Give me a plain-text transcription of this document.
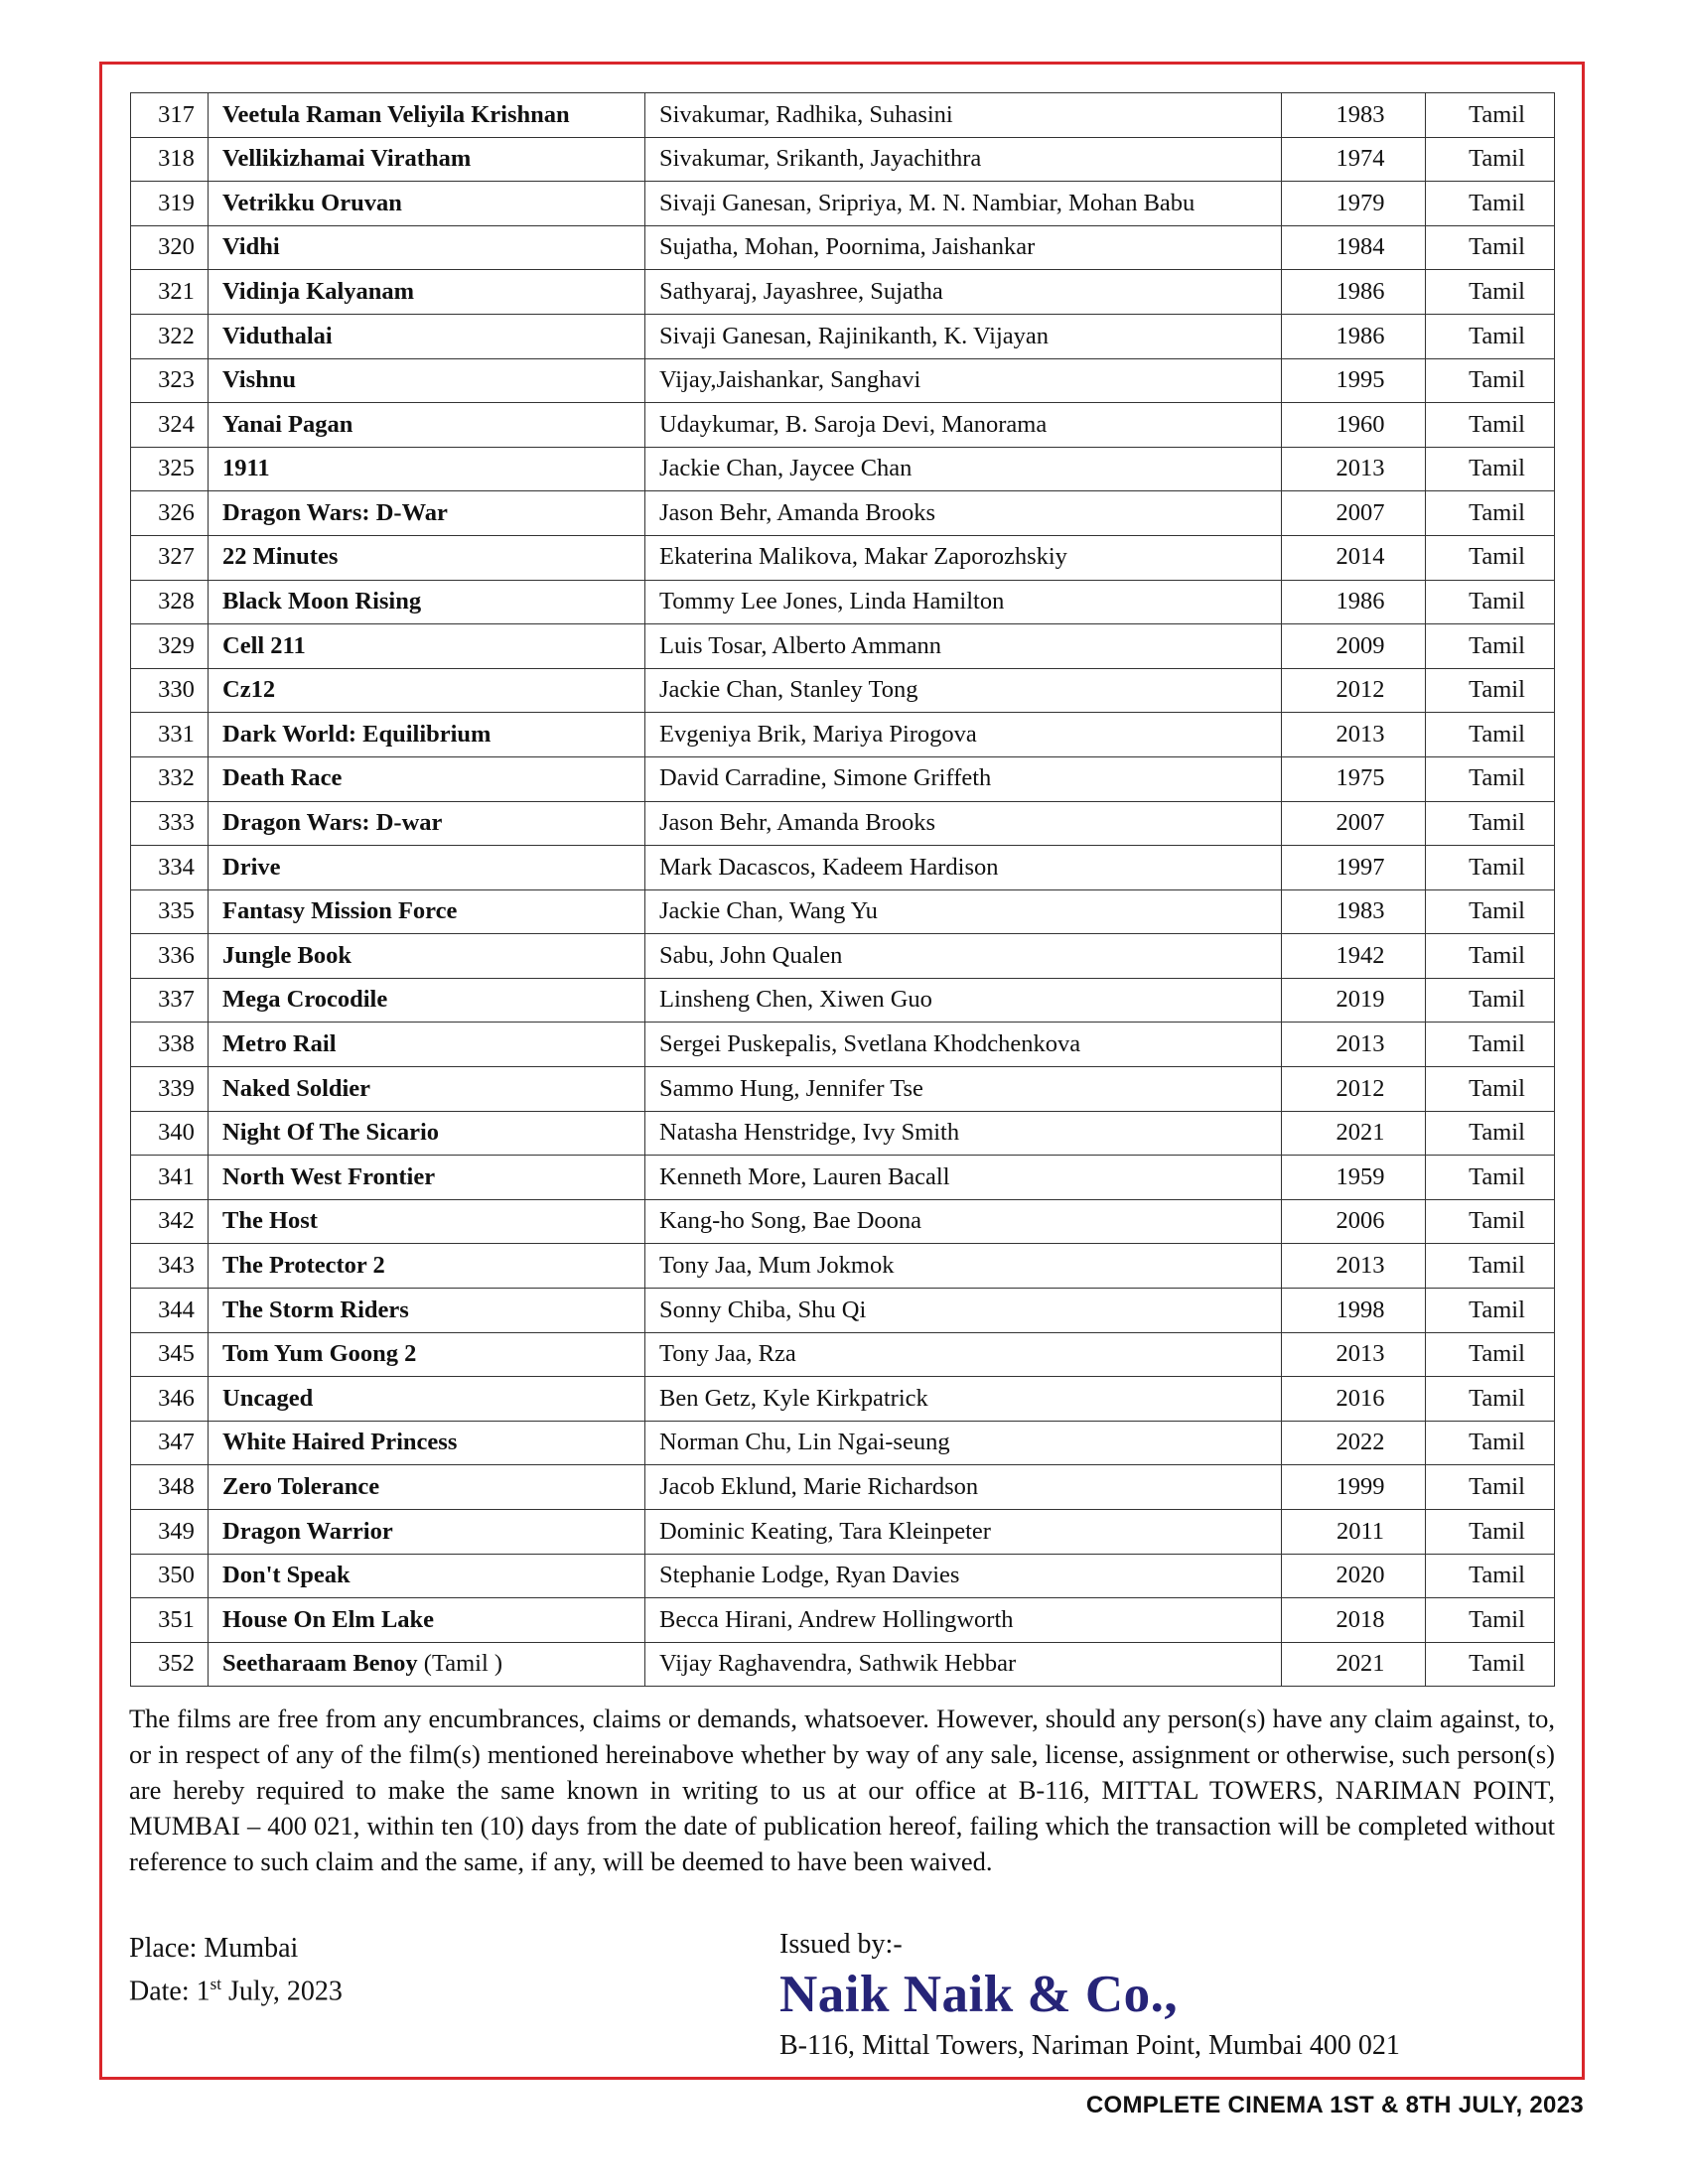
317	Veetula Raman Veliyila Krishnan	Sivakumar, Radhika, Suhasini	1983	Tamil
318	Vellikizhamai Viratham	Sivakumar, Srikanth, Jayachithra	1974	Tamil
319	Vetrikku Oruvan	Sivaji Ganesan, Sripriya, M. N. Nambiar, Mohan Babu	1979	Tamil
320	Vidhi	Sujatha, Mohan, Poornima, Jaishankar	1984	Tamil
321	Vidinja Kalyanam	Sathyaraj, Jayashree, Sujatha	1986	Tamil
322	Viduthalai	Sivaji Ganesan, Rajinikanth, K. Vijayan	1986	Tamil
323	Vishnu	Vijay,Jaishankar, Sanghavi	1995	Tamil
324	Yanai Pagan	Udaykumar, B. Saroja Devi, Manorama	1960	Tamil
325	1911	Jackie Chan, Jaycee Chan	2013	Tamil
326	Dragon Wars: D-War	Jason Behr, Amanda Brooks	2007	Tamil
327	22 Minutes	Ekaterina Malikova, Makar Zaporozhskiy	2014	Tamil
328	Black Moon Rising	Tommy Lee Jones, Linda Hamilton	1986	Tamil
329	Cell 211	Luis Tosar, Alberto Ammann	2009	Tamil
330	Cz12	Jackie Chan, Stanley Tong	2012	Tamil
331	Dark World: Equilibrium	Evgeniya Brik, Mariya Pirogova	2013	Tamil
332	Death Race	David Carradine, Simone Griffeth	1975	Tamil
333	Dragon Wars: D-war	Jason Behr, Amanda Brooks	2007	Tamil
334	Drive	Mark Dacascos, Kadeem Hardison	1997	Tamil
335	Fantasy Mission Force	Jackie Chan, Wang Yu	1983	Tamil
336	Jungle Book	Sabu, John Qualen	1942	Tamil
337	Mega Crocodile	Linsheng Chen, Xiwen Guo	2019	Tamil
338	Metro Rail	Sergei Puskepalis, Svetlana Khodchenkova	2013	Tamil
339	Naked Soldier	Sammo Hung, Jennifer Tse	2012	Tamil
340	Night Of The Sicario	Natasha Henstridge, Ivy Smith	2021	Tamil
341	North West Frontier	Kenneth More, Lauren Bacall	1959	Tamil
342	The Host	Kang-ho Song, Bae Doona	2006	Tamil
343	The Protector 2	Tony Jaa, Mum Jokmok	2013	Tamil
344	The Storm Riders	Sonny Chiba, Shu Qi	1998	Tamil
345	Tom Yum Goong 2	Tony Jaa, Rza	2013	Tamil
346	Uncaged	Ben Getz, Kyle Kirkpatrick	2016	Tamil
347	White Haired Princess	Norman Chu, Lin Ngai-seung	2022	Tamil
348	Zero Tolerance	Jacob Eklund, Marie Richardson	1999	Tamil
349	Dragon Warrior	Dominic Keating, Tara Kleinpeter	2011	Tamil
350	Don't Speak	Stephanie Lodge, Ryan Davies	2020	Tamil
351	House On Elm Lake	Becca Hirani, Andrew Hollingworth	2018	Tamil
352	Seetharaam Benoy (Tamil )	Vijay Raghavendra, Sathwik Hebbar	2021	Tamil

The films are free from any encumbrances, claims or demands, whatsoever. However, should any person(s) have any claim against, to, or in respect of any of the film(s) mentioned hereinabove whether by way of any sale, license, assignment or otherwise, such person(s) are hereby required to make the same known in writing to us at our office at B-116, MITTAL TOWERS, NARIMAN POINT, MUMBAI – 400 021, within ten (10) days from the date of publication hereof, failing which the transaction will be completed without reference to such claim and the same, if any, will be deemed to have been waived.

Place: Mumbai
Date: 1st July, 2023
Issued by:-
Naik Naik & Co.,
B-116, Mittal Towers, Nariman Point, Mumbai 400 021
COMPLETE CINEMA 1ST & 8TH JULY, 2023
